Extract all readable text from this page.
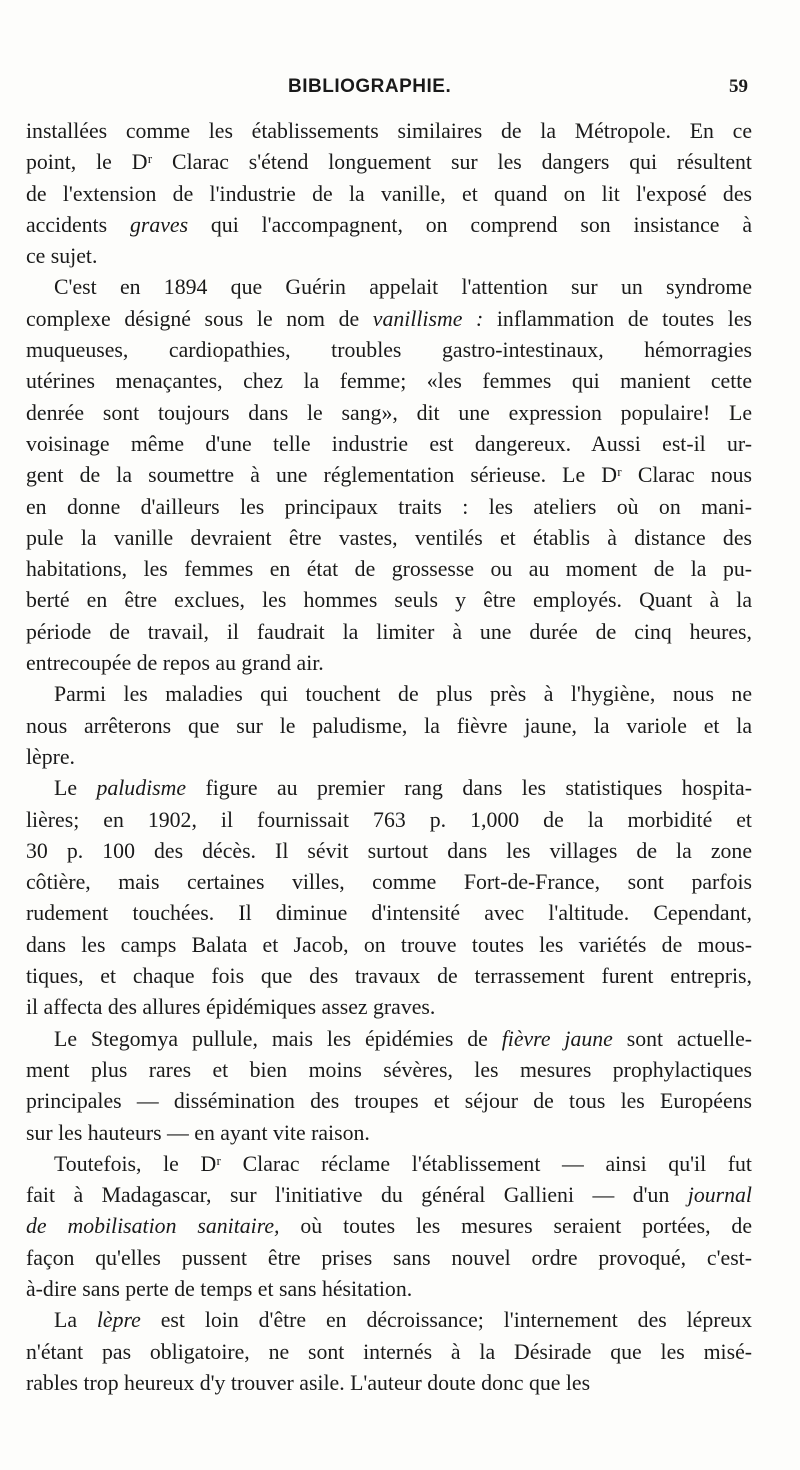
BIBLIOGRAPHIE.	59
installées comme les établissements similaires de la Métropole. En ce
point, le Dʳ Clarac s'étend longuement sur les dangers qui résultent
de l'extension de l'industrie de la vanille, et quand on lit l'exposé des
accidents graves qui l'accompagnent, on comprend son insistance à
ce sujet.
C'est en 1894 que Guérin appelait l'attention sur un syndrome
complexe désigné sous le nom de vanillisme : inflammation de toutes les
muqueuses, cardiopathies, troubles gastro-intestinaux, hémorragies
utérines menaçantes, chez la femme; «les femmes qui manient cette
denrée sont toujours dans le sang», dit une expression populaire! Le
voisinage même d'une telle industrie est dangereux. Aussi est-il ur-
gent de la soumettre à une réglementation sérieuse. Le Dʳ Clarac nous
en donne d'ailleurs les principaux traits : les ateliers où on mani-
pule la vanille devraient être vastes, ventilés et établis à distance des
habitations, les femmes en état de grossesse ou au moment de la pu-
berté en être exclues, les hommes seuls y être employés. Quant à la
période de travail, il faudrait la limiter à une durée de cinq heures,
entrecoupée de repos au grand air.
Parmi les maladies qui touchent de plus près à l'hygiène, nous ne
nous arrêterons que sur le paludisme, la fièvre jaune, la variole et la
lèpre.
Le paludisme figure au premier rang dans les statistiques hospita-
lières; en 1902, il fournissait 763 p. 1,000 de la morbidité et
30 p. 100 des décès. Il sévit surtout dans les villages de la zone
côtière, mais certaines villes, comme Fort-de-France, sont parfois
rudement touchées. Il diminue d'intensité avec l'altitude. Cependant,
dans les camps Balata et Jacob, on trouve toutes les variétés de mous-
tiques, et chaque fois que des travaux de terrassement furent entrepris,
il affecta des allures épidémiques assez graves.
Le Stegomya pullule, mais les épidémies de fièvre jaune sont actuelle-
ment plus rares et bien moins sévères, les mesures prophylactiques
principales — dissémination des troupes et séjour de tous les Européens
sur les hauteurs — en ayant vite raison.
Toutefois, le Dʳ Clarac réclame l'établissement — ainsi qu'il fut
fait à Madagascar, sur l'initiative du général Gallieni — d'un journal
de mobilisation sanitaire, où toutes les mesures seraient portées, de
façon qu'elles pussent être prises sans nouvel ordre provoqué, c'est-
à-dire sans perte de temps et sans hésitation.
La lèpre est loin d'être en décroissance; l'internement des lépreux
n'étant pas obligatoire, ne sont internés à la Désirade que les misé-
rables trop heureux d'y trouver asile. L'auteur doute donc que les
